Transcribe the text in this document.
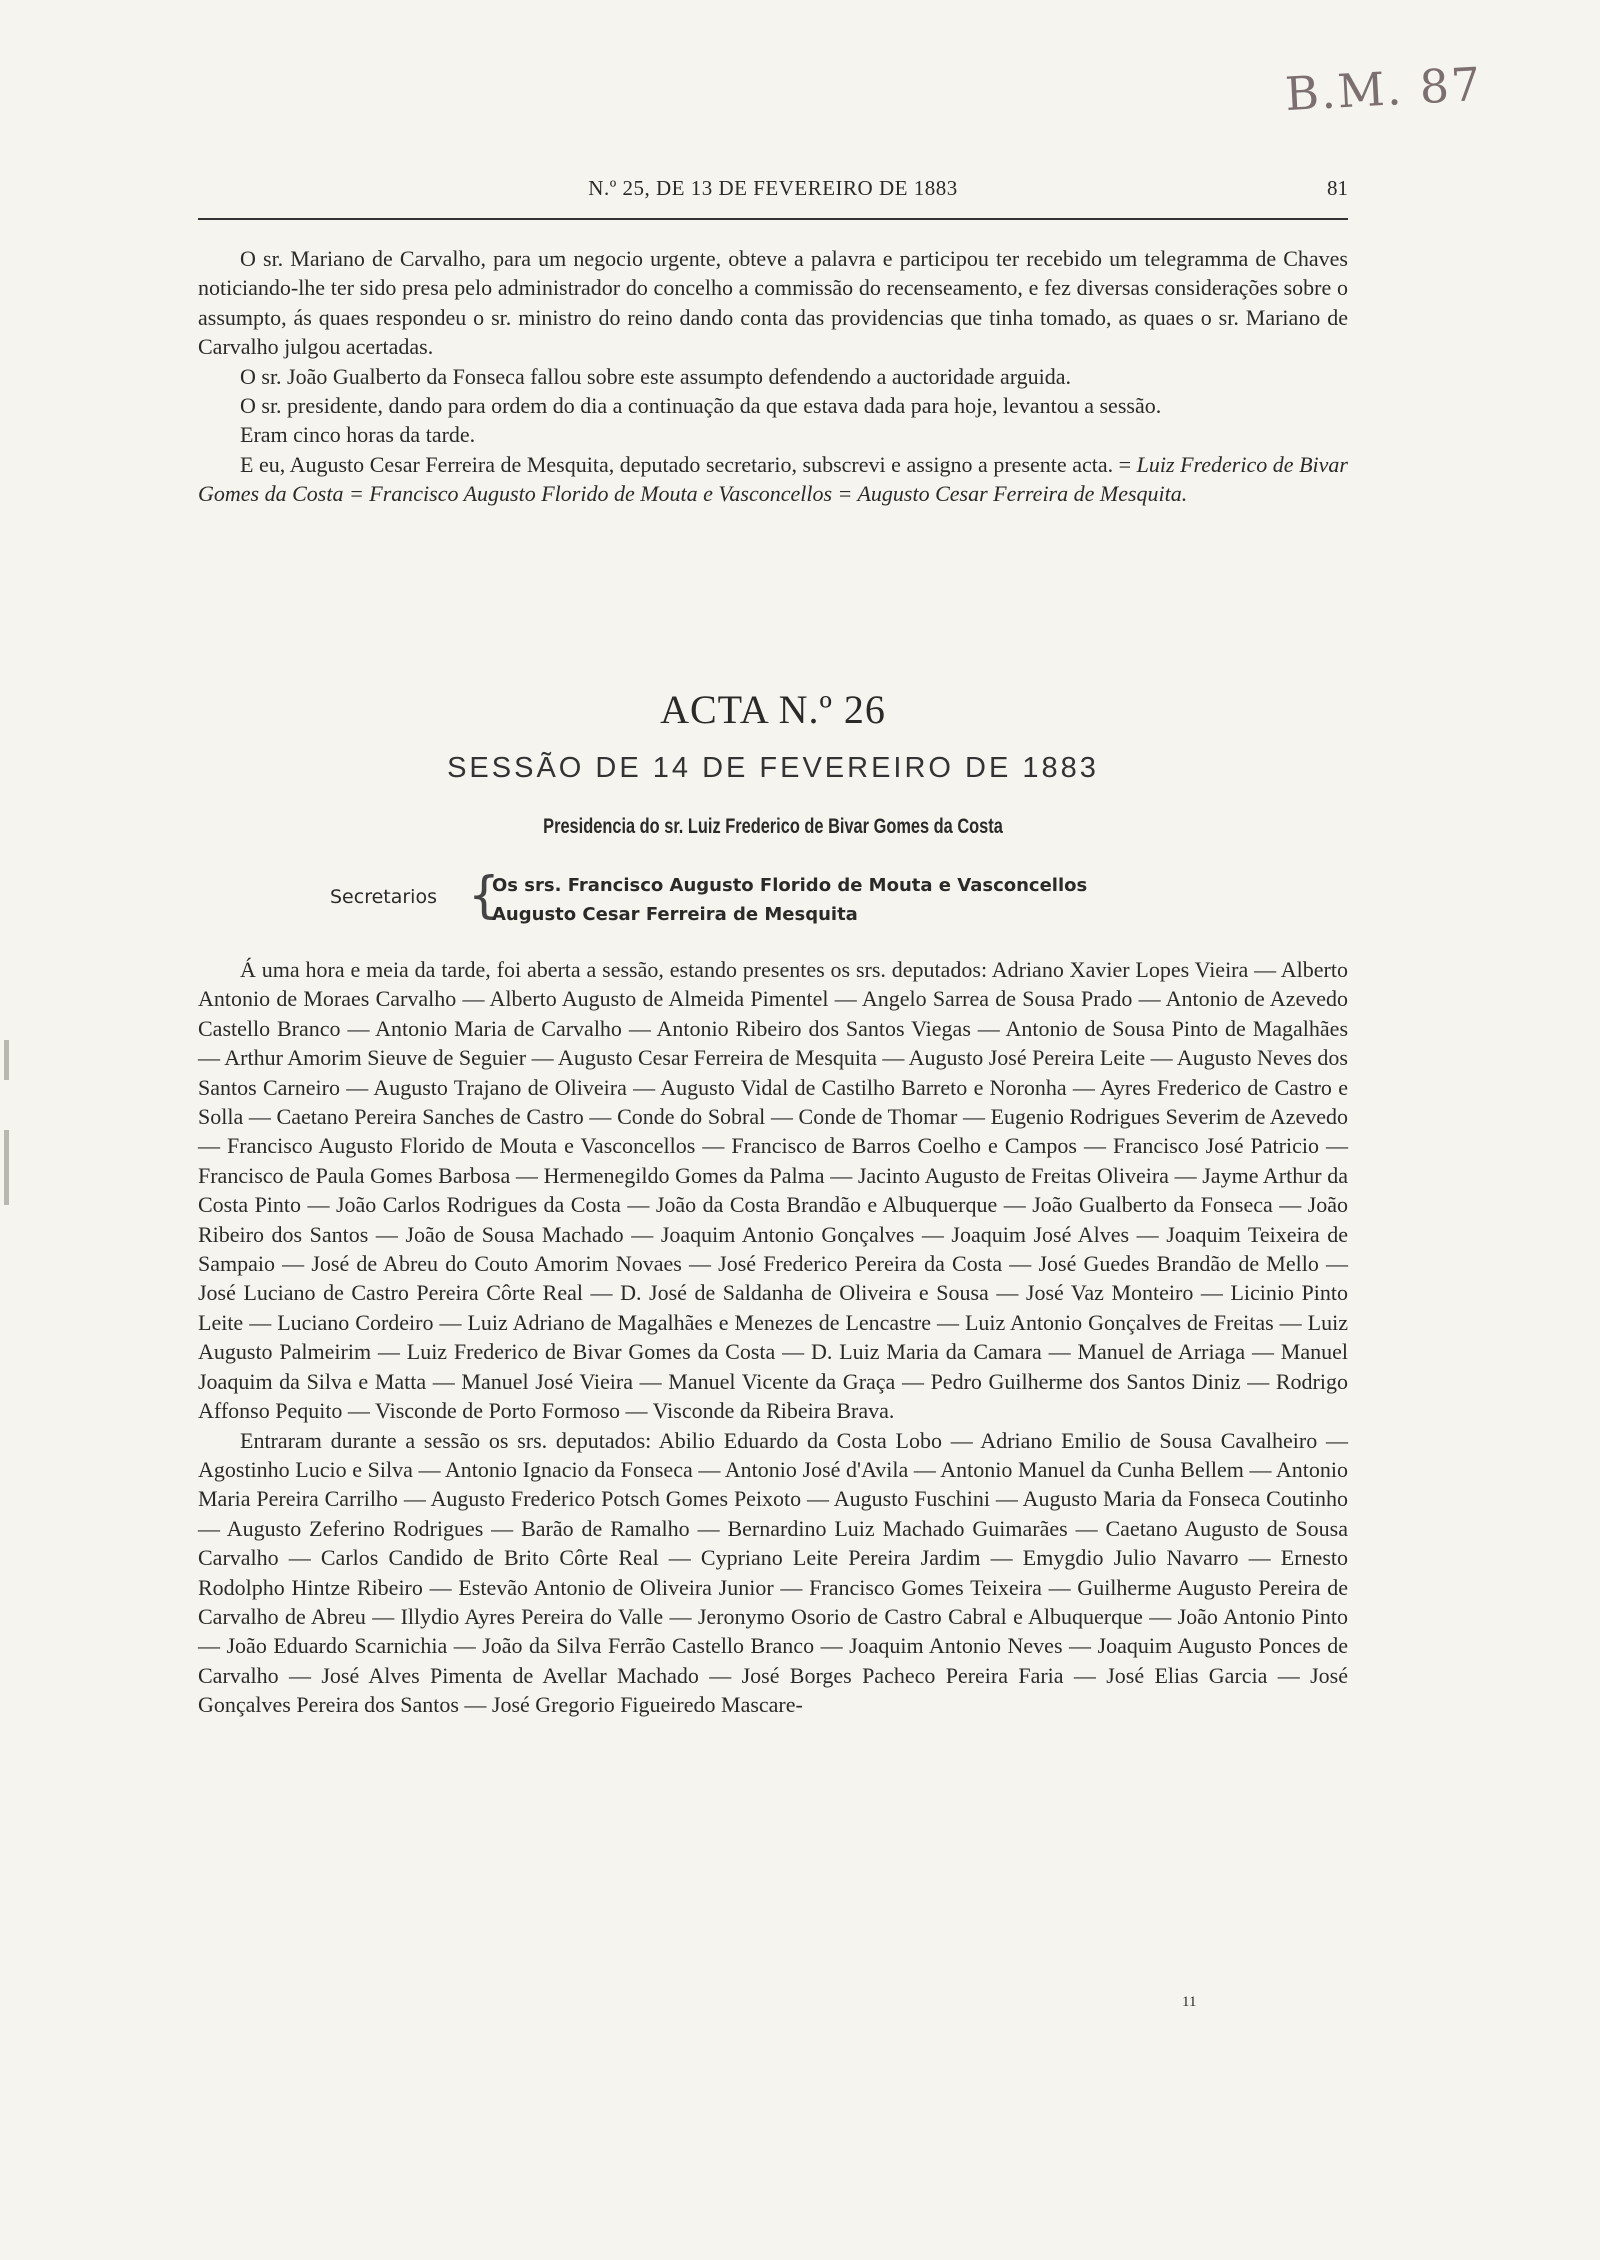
B.M. 87
N.º 25, DE 13 DE FEVEREIRO DE 1883	81

O sr. Mariano de Carvalho, para um negocio urgente, obteve a palavra e participou ter recebido um telegramma de Chaves noticiando-lhe ter sido presa pelo administrador do concelho a commissão do recenseamento, e fez diversas considerações sobre o assumpto, ás quaes respondeu o sr. ministro do reino dando conta das providencias que tinha tomado, as quaes o sr. Mariano de Carvalho julgou acertadas.

O sr. João Gualberto da Fonseca fallou sobre este assumpto defendendo a auctoridade arguida.

O sr. presidente, dando para ordem do dia a continuação da que estava dada para hoje, levantou a sessão.

Eram cinco horas da tarde.

E eu, Augusto Cesar Ferreira de Mesquita, deputado secretario, subscrevi e assigno a presente acta. = Luiz Frederico de Bivar Gomes da Costa = Francisco Augusto Florido de Mouta e Vasconcellos = Augusto Cesar Ferreira de Mesquita.

ACTA N.º 26
SESSÃO DE 14 DE FEVEREIRO DE 1883
Presidencia do sr. Luiz Frederico de Bivar Gomes da Costa
Secretarios {
Os srs. Francisco Augusto Florido de Mouta e Vasconcellos
Augusto Cesar Ferreira de Mesquita

Á uma hora e meia da tarde, foi aberta a sessão, estando presentes os srs. deputados: Adriano Xavier Lopes Vieira — Alberto Antonio de Moraes Carvalho — Alberto Augusto de Almeida Pimentel — Angelo Sarrea de Sousa Prado — Antonio de Azevedo Castello Branco — Antonio Maria de Carvalho — Antonio Ribeiro dos Santos Viegas — Antonio de Sousa Pinto de Magalhães — Arthur Amorim Sieuve de Seguier — Augusto Cesar Ferreira de Mesquita — Augusto José Pereira Leite — Augusto Neves dos Santos Carneiro — Augusto Trajano de Oliveira — Augusto Vidal de Castilho Barreto e Noronha — Ayres Frederico de Castro e Solla — Caetano Pereira Sanches de Castro — Conde do Sobral — Conde de Thomar — Eugenio Rodrigues Severim de Azevedo — Francisco Augusto Florido de Mouta e Vasconcellos — Francisco de Barros Coelho e Campos — Francisco José Patricio — Francisco de Paula Gomes Barbosa — Hermenegildo Gomes da Palma — Jacinto Augusto de Freitas Oliveira — Jayme Arthur da Costa Pinto — João Carlos Rodrigues da Costa — João da Costa Brandão e Albuquerque — João Gualberto da Fonseca — João Ribeiro dos Santos — João de Sousa Machado — Joaquim Antonio Gonçalves — Joaquim José Alves — Joaquim Teixeira de Sampaio — José de Abreu do Couto Amorim Novaes — José Frederico Pereira da Costa — José Guedes Brandão de Mello — José Luciano de Castro Pereira Côrte Real — D. José de Saldanha de Oliveira e Sousa — José Vaz Monteiro — Licinio Pinto Leite — Luciano Cordeiro — Luiz Adriano de Magalhães e Menezes de Lencastre — Luiz Antonio Gonçalves de Freitas — Luiz Augusto Palmeirim — Luiz Frederico de Bivar Gomes da Costa — D. Luiz Maria da Camara — Manuel de Arriaga — Manuel Joaquim da Silva e Matta — Manuel José Vieira — Manuel Vicente da Graça — Pedro Guilherme dos Santos Diniz — Rodrigo Affonso Pequito — Visconde de Porto Formoso — Visconde da Ribeira Brava.

Entraram durante a sessão os srs. deputados: Abilio Eduardo da Costa Lobo — Adriano Emilio de Sousa Cavalheiro — Agostinho Lucio e Silva — Antonio Ignacio da Fonseca — Antonio José d'Avila — Antonio Manuel da Cunha Bellem — Antonio Maria Pereira Carrilho — Augusto Frederico Potsch Gomes Peixoto — Augusto Fuschini — Augusto Maria da Fonseca Coutinho — Augusto Zeferino Rodrigues — Barão de Ramalho — Bernardino Luiz Machado Guimarães — Caetano Augusto de Sousa Carvalho — Carlos Candido de Brito Côrte Real — Cypriano Leite Pereira Jardim — Emygdio Julio Navarro — Ernesto Rodolpho Hintze Ribeiro — Estevão Antonio de Oliveira Junior — Francisco Gomes Teixeira — Guilherme Augusto Pereira de Carvalho de Abreu — Illydio Ayres Pereira do Valle — Jeronymo Osorio de Castro Cabral e Albuquerque — João Antonio Pinto — João Eduardo Scarnichia — João da Silva Ferrão Castello Branco — Joaquim Antonio Neves — Joaquim Augusto Ponces de Carvalho — José Alves Pimenta de Avellar Machado — José Borges Pacheco Pereira Faria — José Elias Garcia — José Gonçalves Pereira dos Santos — José Gregorio Figueiredo Mascare-

11
